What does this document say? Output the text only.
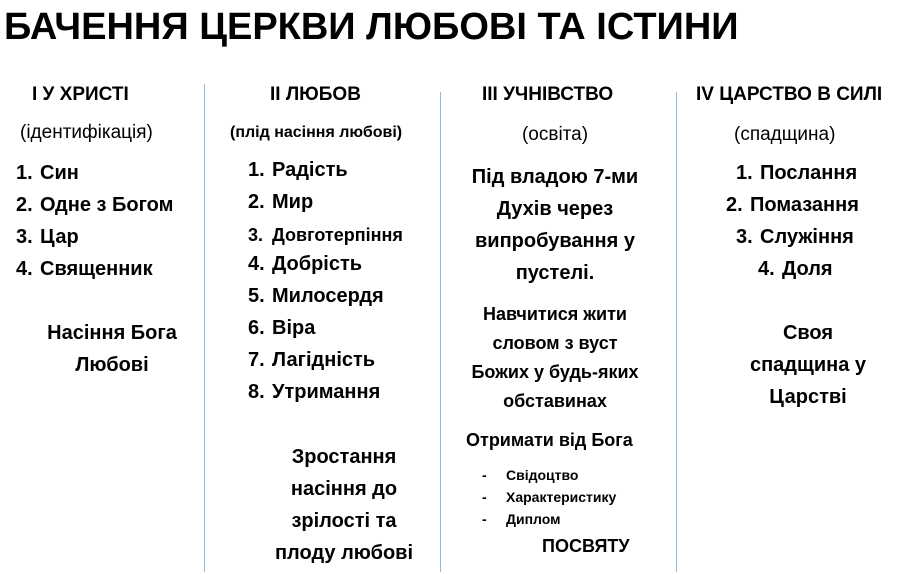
БАЧЕННЯ ЦЕРКВИ ЛЮБОВІ ТА ІСТИНИ
І У ХРИСТІ
(ідентифікація)
1. Син
2. Одне з Богом
3. Цар
4. Священник
Насіння Бога
Любові
ІІ ЛЮБОВ
(плід насіння любові)
1. Радість
2. Мир
3. Довготерпіння
4. Добрість
5. Милосердя
6. Віра
7. Лагідність
8. Утримання
Зростання
насіння до
зрілості та
плоду любові
ІІІ УЧНІВСТВО
(освіта)
Під владою 7-ми
Духів через
випробування у
пустелі.
Навчитися жити
словом з вуст
Божих у будь-яких
обставинах
Отримати від Бога
- Свідоцтво
- Характеристику
- Диплом
ПОСВЯТУ
ІV ЦАРСТВО В СИЛІ
(спадщина)
1. Послання
2. Помазання
3. Служіння
4. Доля
Своя
спадщина у
Царстві
